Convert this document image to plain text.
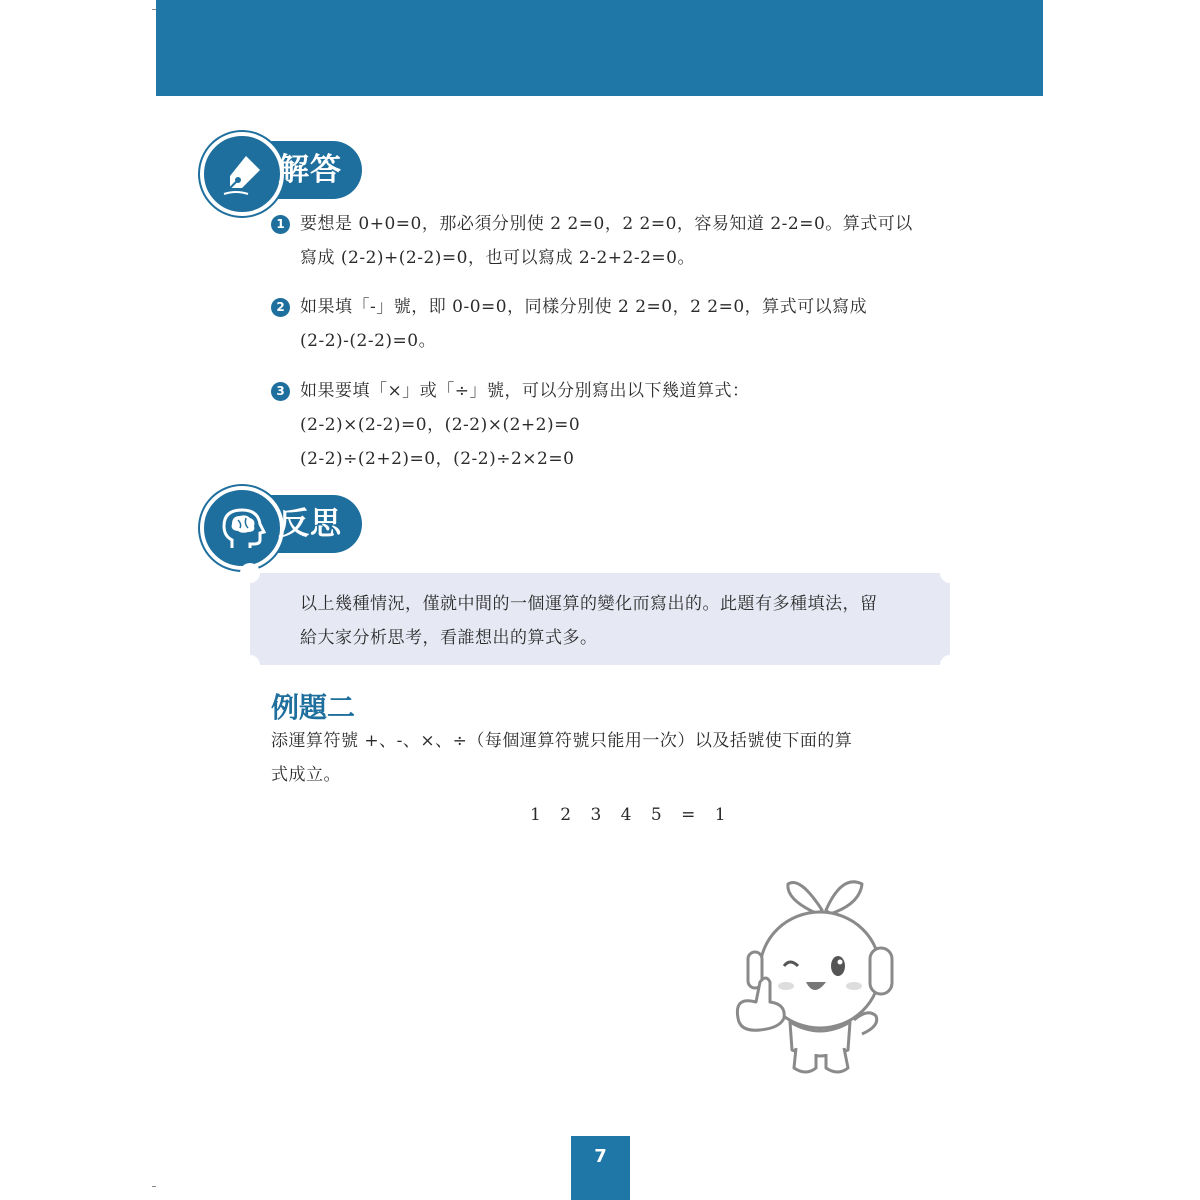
解答
1 要想是 0+0=0，那必須分別使 2 2=0，2 2=0，容易知道 2-2=0。算式可以
寫成 (2-2)+(2-2)=0，也可以寫成 2-2+2-2=0。
2 如果填「-」號，即 0-0=0，同樣分別使 2 2=0，2 2=0，算式可以寫成
(2-2)-(2-2)=0。
3 如果要填「×」或「÷」號，可以分別寫出以下幾道算式：
(2-2)×(2-2)=0，(2-2)×(2+2)=0
(2-2)÷(2+2)=0，(2-2)÷2×2=0
反思
以上幾種情況，僅就中間的一個運算的變化而寫出的。此題有多種填法，留
給大家分析思考，看誰想出的算式多。
例題二
添運算符號 +、-、×、÷（每個運算符號只能用一次）以及括號使下面的算
式成立。
1 2 3 4 5 = 1
7
